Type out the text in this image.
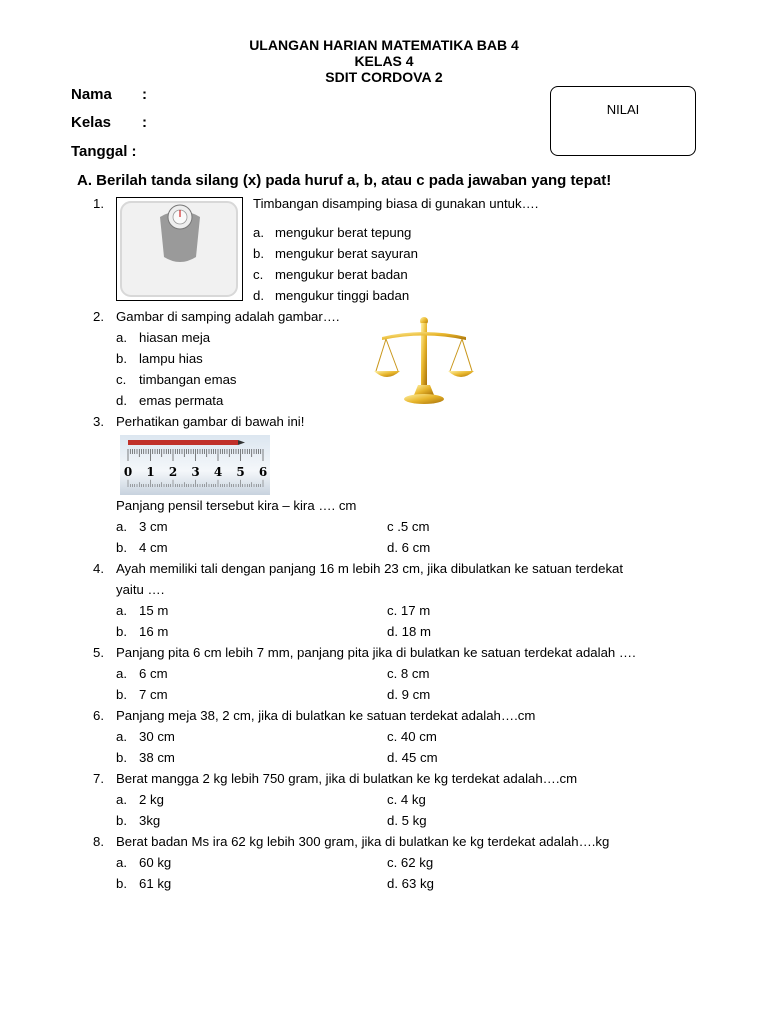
ULANGAN HARIAN MATEMATIKA BAB 4
KELAS 4
SDIT CORDOVA 2
Nama :
Kelas :
Tanggal :
NILAI
A. Berilah tanda silang (x) pada huruf a, b, atau c pada jawaban yang tepat!
1.	Timbangan disamping biasa di gunakan untuk….
a. mengukur berat tepung
b. mengukur berat sayuran
c. mengukur berat badan
d. mengukur tinggi badan
2. Gambar di samping adalah gambar….
a. hiasan meja
b. lampu hias
c. timbangan emas
d. emas permata
3. Perhatikan gambar di bawah ini!
0 1 2 3 4 5 6
Panjang pensil tersebut kira – kira …. cm
a. 3 cm	c .5 cm
b. 4 cm	d. 6 cm
4. Ayah memiliki tali dengan panjang 16 m lebih 23 cm, jika dibulatkan ke satuan terdekat
yaitu ….
a. 15 m	c. 17 m
b. 16 m	d. 18 m
5. Panjang pita 6 cm lebih 7 mm, panjang pita jika di bulatkan ke satuan terdekat adalah ….
a. 6 cm	c. 8 cm
b. 7 cm	d. 9 cm
6. Panjang meja 38, 2 cm, jika di bulatkan ke satuan terdekat adalah….cm
a. 30 cm	c. 40 cm
b. 38 cm	d. 45 cm
7. Berat mangga 2 kg lebih 750 gram, jika di bulatkan ke kg terdekat adalah….cm
a. 2 kg	c. 4 kg
b. 3kg	d. 5 kg
8. Berat badan Ms ira 62 kg lebih 300 gram, jika di bulatkan ke kg terdekat adalah….kg
a. 60 kg	c. 62 kg
b. 61 kg	d. 63 kg
